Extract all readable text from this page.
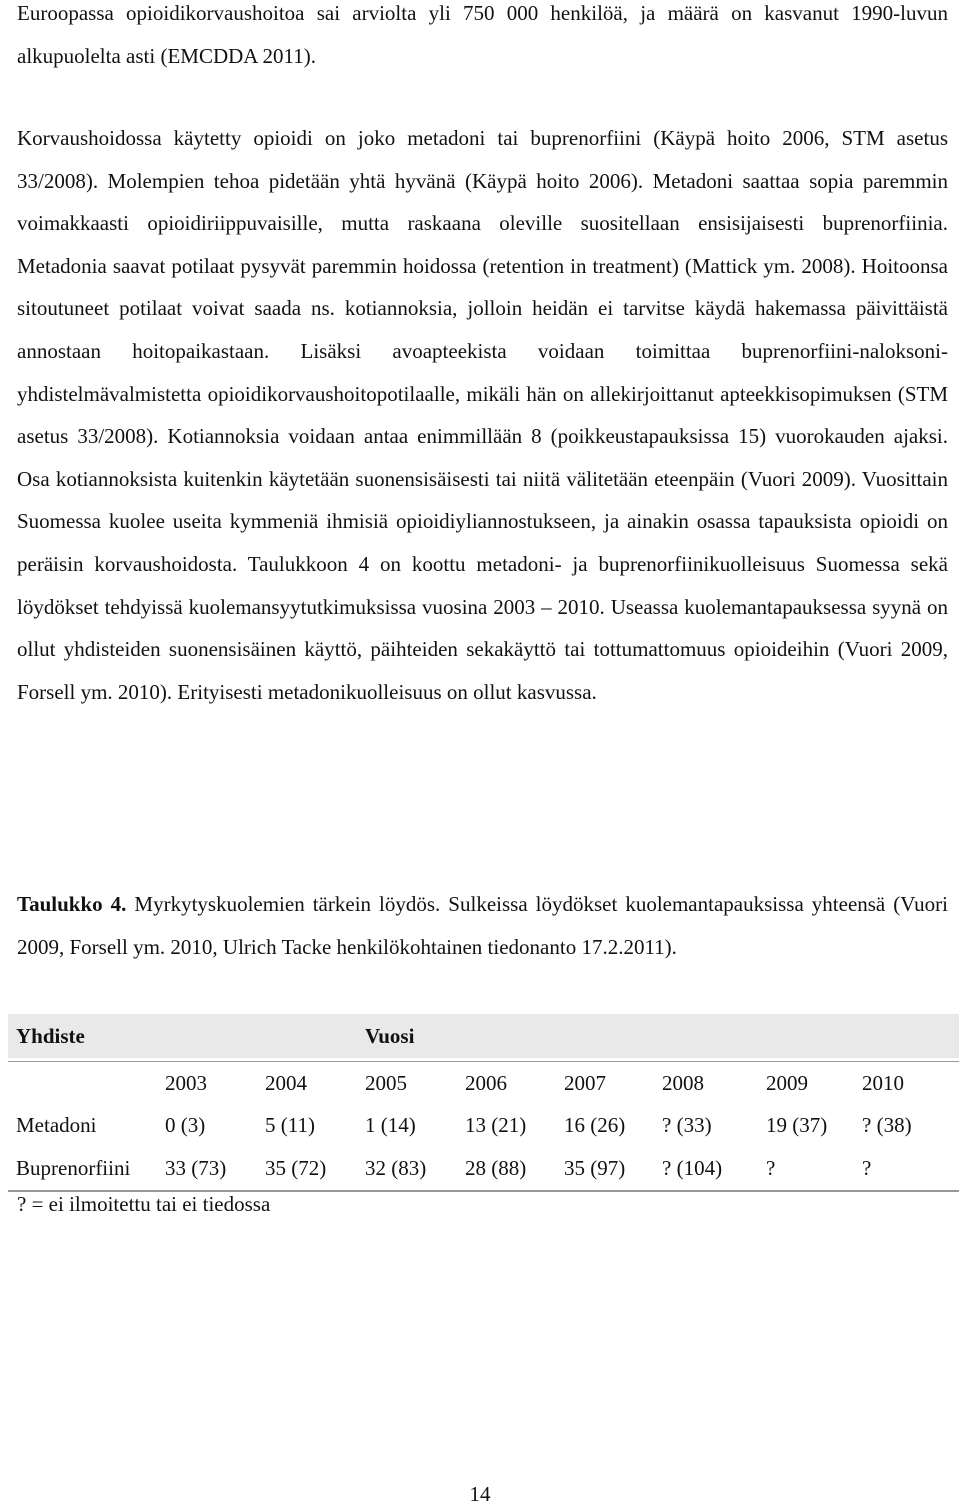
Euroopassa opioidikorvaushoitoa sai arviolta yli 750 000 henkilöä, ja määrä on kasvanut 1990-luvun alkupuolelta asti (EMCDDA 2011).

Korvaushoidossa käytetty opioidi on joko metadoni tai buprenorfiini (Käypä hoito 2006, STM asetus 33/2008). Molempien tehoa pidetään yhtä hyvänä (Käypä hoito 2006). Metadoni saattaa sopia paremmin voimakkaasti opioidiriippuvaisille, mutta raskaana oleville suositellaan ensisijaisesti buprenorfiinia. Metadonia saavat potilaat pysyvät paremmin hoidossa (retention in treatment) (Mattick ym. 2008). Hoitoonsa sitoutuneet potilaat voivat saada ns. kotiannoksia, jolloin heidän ei tarvitse käydä hakemassa päivittäistä annostaan hoitopaikastaan. Lisäksi avoapteekista voidaan toimittaa buprenorfiini-naloksoni-yhdistelmävalmistetta opioidikorvaushoitopotilaalle, mikäli hän on allekirjoittanut apteekkisopimuksen (STM asetus 33/2008). Kotiannoksia voidaan antaa enimmillään 8 (poikkeustapauksissa 15) vuorokauden ajaksi. Osa kotiannoksista kuitenkin käytetään suonensisäisesti tai niitä välitetään eteenpäin (Vuori 2009). Vuosittain Suomessa kuolee useita kymmeniä ihmisiä opioidiyliannostukseen, ja ainakin osassa tapauksista opioidi on peräisin korvaushoidosta. Taulukkoon 4 on koottu metadoni- ja buprenorfiinikuolleisuus Suomessa sekä löydökset tehdyissä kuolemansyytutkimuksissa vuosina 2003 – 2010. Useassa kuolemantapauksessa syynä on ollut yhdisteiden suonensisäinen käyttö, päihteiden sekakäyttö tai tottumattomuus opioideihin (Vuori 2009, Forsell ym. 2010). Erityisesti metadonikuolleisuus on ollut kasvussa.

Taulukko 4. Myrkytyskuolemien tärkein löydös. Sulkeissa löydökset kuolemantapauksissa yhteensä (Vuori 2009, Forsell ym. 2010, Ulrich Tacke henkilökohtainen tiedonanto 17.2.2011).

Yhdiste			Vuosi					

	2003	2004	2005	2006	2007	2008	2009	2010
Metadoni	0 (3)	5 (11)	1 (14)	13 (21)	16 (26)	? (33)	19 (37)	? (38)
Buprenorfiini	33 (73)	35 (72)	32 (83)	28 (88)	35 (97)	? (104)	?	?

? = ei ilmoitettu tai ei tiedossa

14
